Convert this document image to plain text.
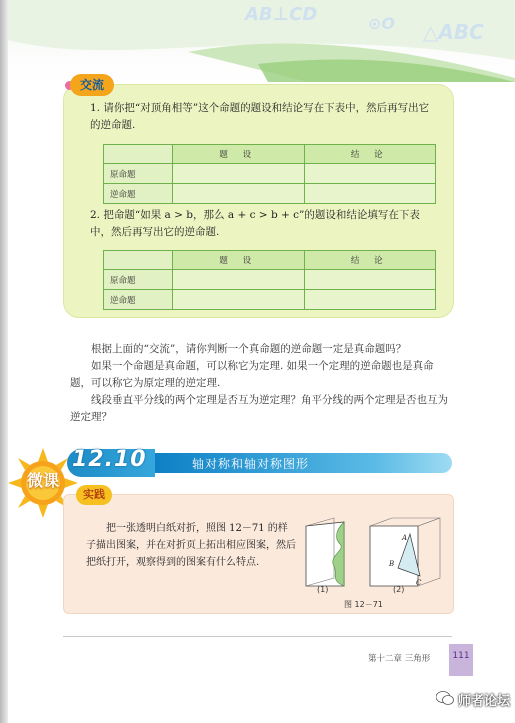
AB⊥CD	⊙O △ABC
交流
1. 请你把“对顶角相等”这个命题的题设和结论写在下表中，然后再写出它的逆命题.
	题 设	结 论
原命题		
逆命题		
2. 把命题“如果 a > b，那么 a + c > b + c”的题设和结论填写在下表中，然后再写出它的逆命题.
	题 设	结 论
原命题		
逆命题		
根据上面的“交流”，请你判断一个真命题的逆命题一定是真命题吗？
如果一个命题是真命题，可以称它为定理. 如果一个定理的逆命题也是真命题，可以称它为原定理的逆定理.
线段垂直平分线的两个定理是否互为逆定理？角平分线的两个定理是否也互为逆定理？
12.10	轴对称和轴对称图形
微课
实践
把一张透明白纸对折，照图 12－71 的样子描出图案，并在对折页上拓出相应图案，然后把纸打开，观察得到的图案有什么特点.
A
B
C
(1)	(2)
图 12－71
第十二章 三角形	111
师者论坛
